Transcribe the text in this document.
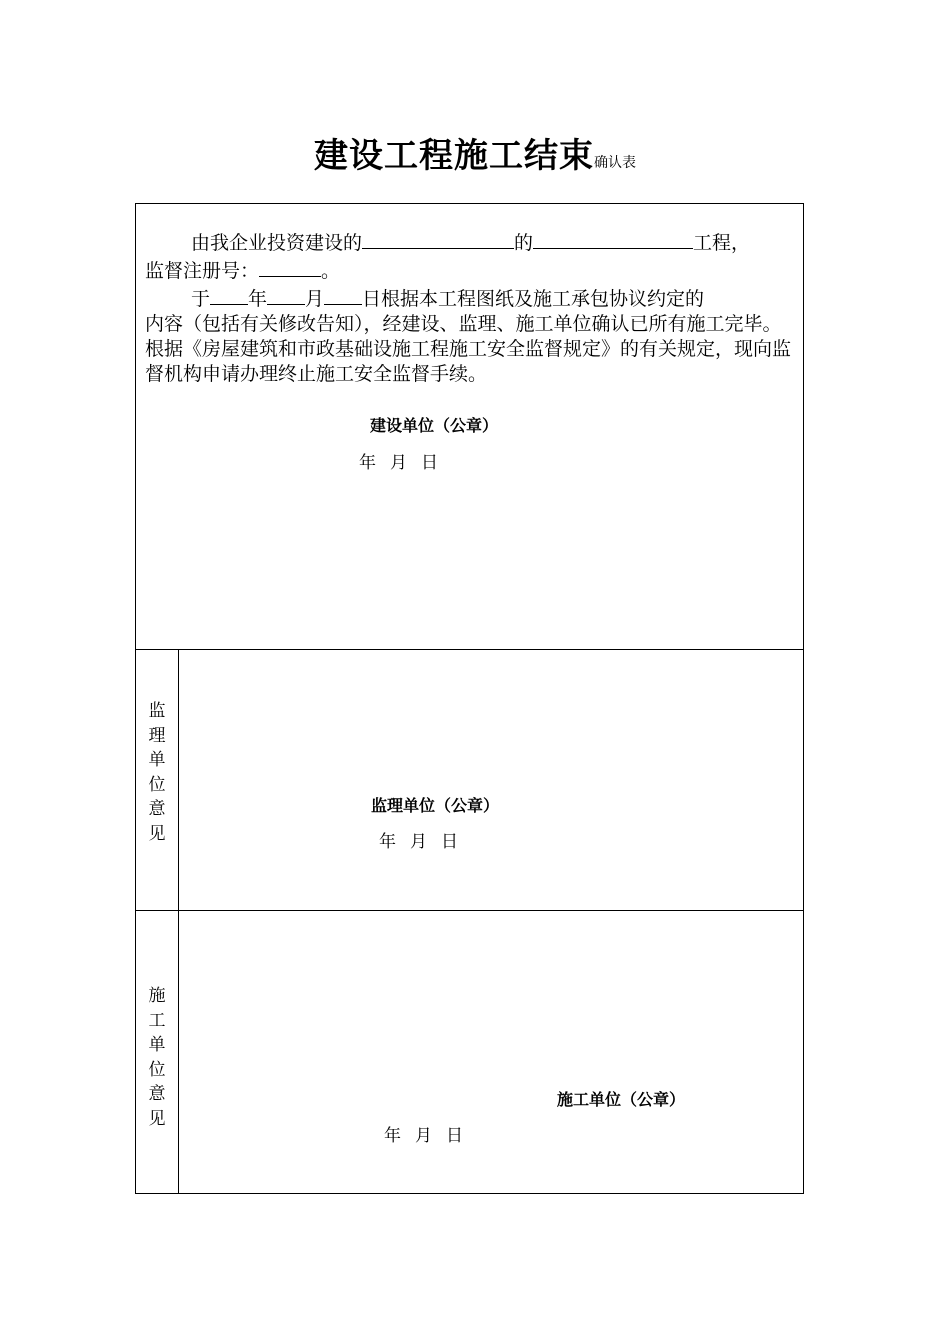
建设工程施工结束确认表
由我企业投资建设的	的	工程，
监督注册号：	。
于 年 月 日根据本工程图纸及施工承包协议约定的
内容（包括有关修改告知），经建设、监理、施工单位确认已所有施工完毕。根据《房屋建筑和市政基础设施工程施工安全监督规定》的有关规定，现向监督机构申请办理终止施工安全监督手续。
建设单位（公章）
年 月 日
监
理
单
位
意
见
监理单位（公章）
年 月 日
施
工
单
位
意
见
施工单位（公章）
年 月 日
